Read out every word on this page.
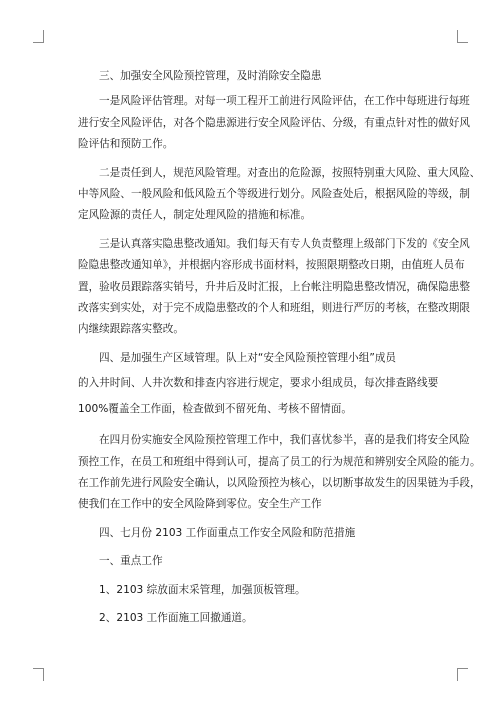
三、加强安全风险预控管理，及时消除安全隐患

一是风险评估管理。对每一项工程开工前进行风险评估，在工作中每班进行每班

进行安全风险评估，对各个隐患源进行安全风险评估、分级，有重点针对性的做好风

险评估和预防工作。

二是责任到人，规范风险管理。对查出的危险源，按照特别重大风险、重大风险、

中等风险、一般风险和低风险五个等级进行划分。风险查处后，根据风险的等级，制

定风险源的责任人，制定处理风险的措施和标准。

三是认真落实隐患整改通知。我们每天有专人负责整理上级部门下发的《安全风

险隐患整改通知单》，并根据内容形成书面材料，按照限期整改日期，由值班人员布

置，验收员跟踪落实销号，升井后及时汇报，上台帐注明隐患整改情况，确保隐患整

改落实到实处，对于完不成隐患整改的个人和班组，则进行严厉的考核，在整改期限

内继续跟踪落实整改。

四、是加强生产区域管理。队上对“安全风险预控管理小组”成员

的入井时间、人井次数和排查内容进行规定，要求小组成员，每次排查路线要

100%覆盖全工作面，检查做到不留死角、考核不留情面。

在四月份实施安全风险预控管理工作中，我们喜忧参半，喜的是我们将安全风险

预控工作，在员工和班组中得到认可，提高了员工的行为规范和辨别安全风险的能力。

在工作前先进行风险安全确认，以风险预控为核心，以切断事故发生的因果链为手段，

使我们在工作中的安全风险降到零位。安全生产工作

四、七月份 2103 工作面重点工作安全风险和防范措施

一、重点工作

1、2103 综放面末采管理，加强顶板管理。

2、2103 工作面施工回撤通道。
